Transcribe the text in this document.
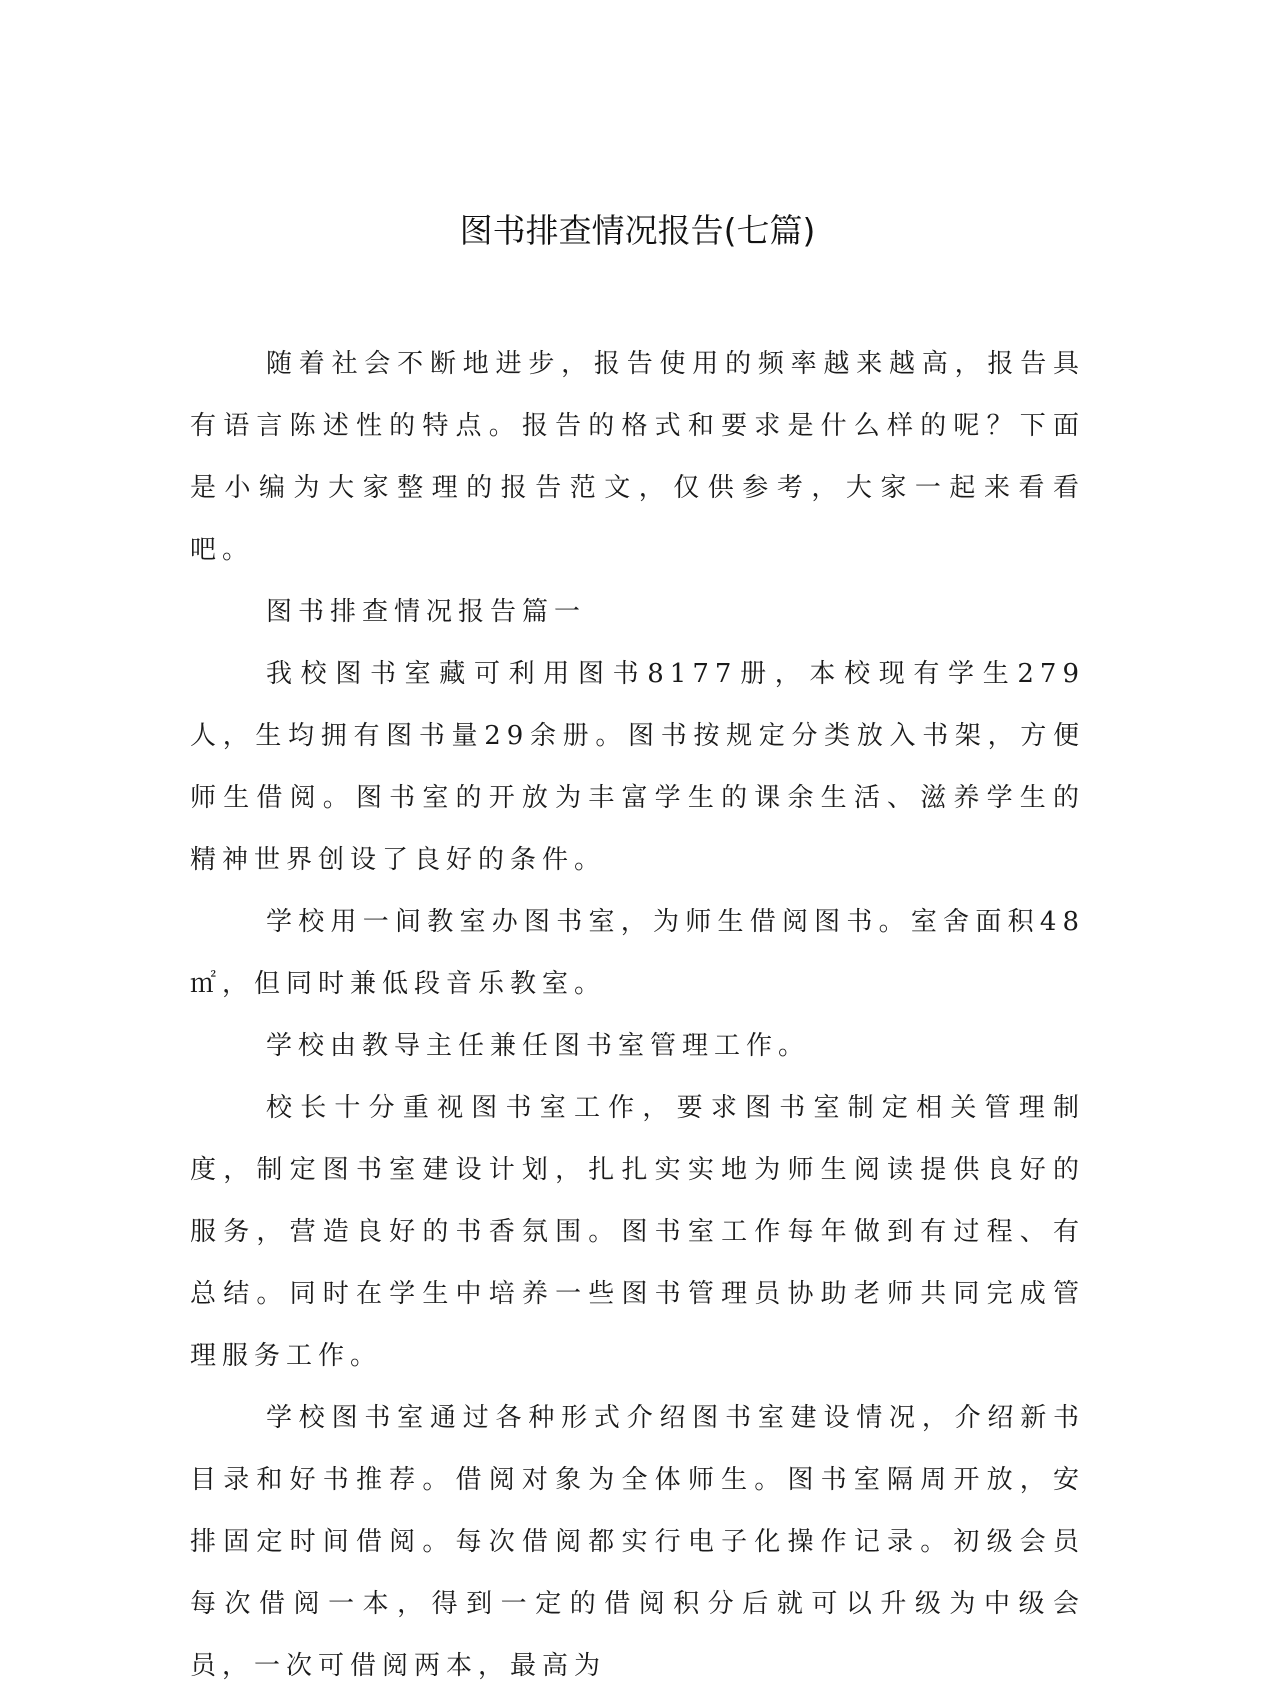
图书排查情况报告(七篇)

随着社会不断地进步，报告使用的频率越来越高，报告具有语言陈述性的特点。报告的格式和要求是什么样的呢？下面是小编为大家整理的报告范文，仅供参考，大家一起来看看吧。

图书排查情况报告篇一

我校图书室藏可利用图书8177册，本校现有学生279人，生均拥有图书量29余册。图书按规定分类放入书架，方便师生借阅。图书室的开放为丰富学生的课余生活、滋养学生的精神世界创设了良好的条件。

学校用一间教室办图书室，为师生借阅图书。室舍面积48㎡，但同时兼低段音乐教室。

学校由教导主任兼任图书室管理工作。

校长十分重视图书室工作，要求图书室制定相关管理制度，制定图书室建设计划，扎扎实实地为师生阅读提供良好的服务，营造良好的书香氛围。图书室工作每年做到有过程、有总结。同时在学生中培养一些图书管理员协助老师共同完成管理服务工作。

学校图书室通过各种形式介绍图书室建设情况，介绍新书目录和好书推荐。借阅对象为全体师生。图书室隔周开放，安排固定时间借阅。每次借阅都实行电子化操作记录。初级会员每次借阅一本，得到一定的借阅积分后就可以升级为中级会员，一次可借阅两本，最高为
